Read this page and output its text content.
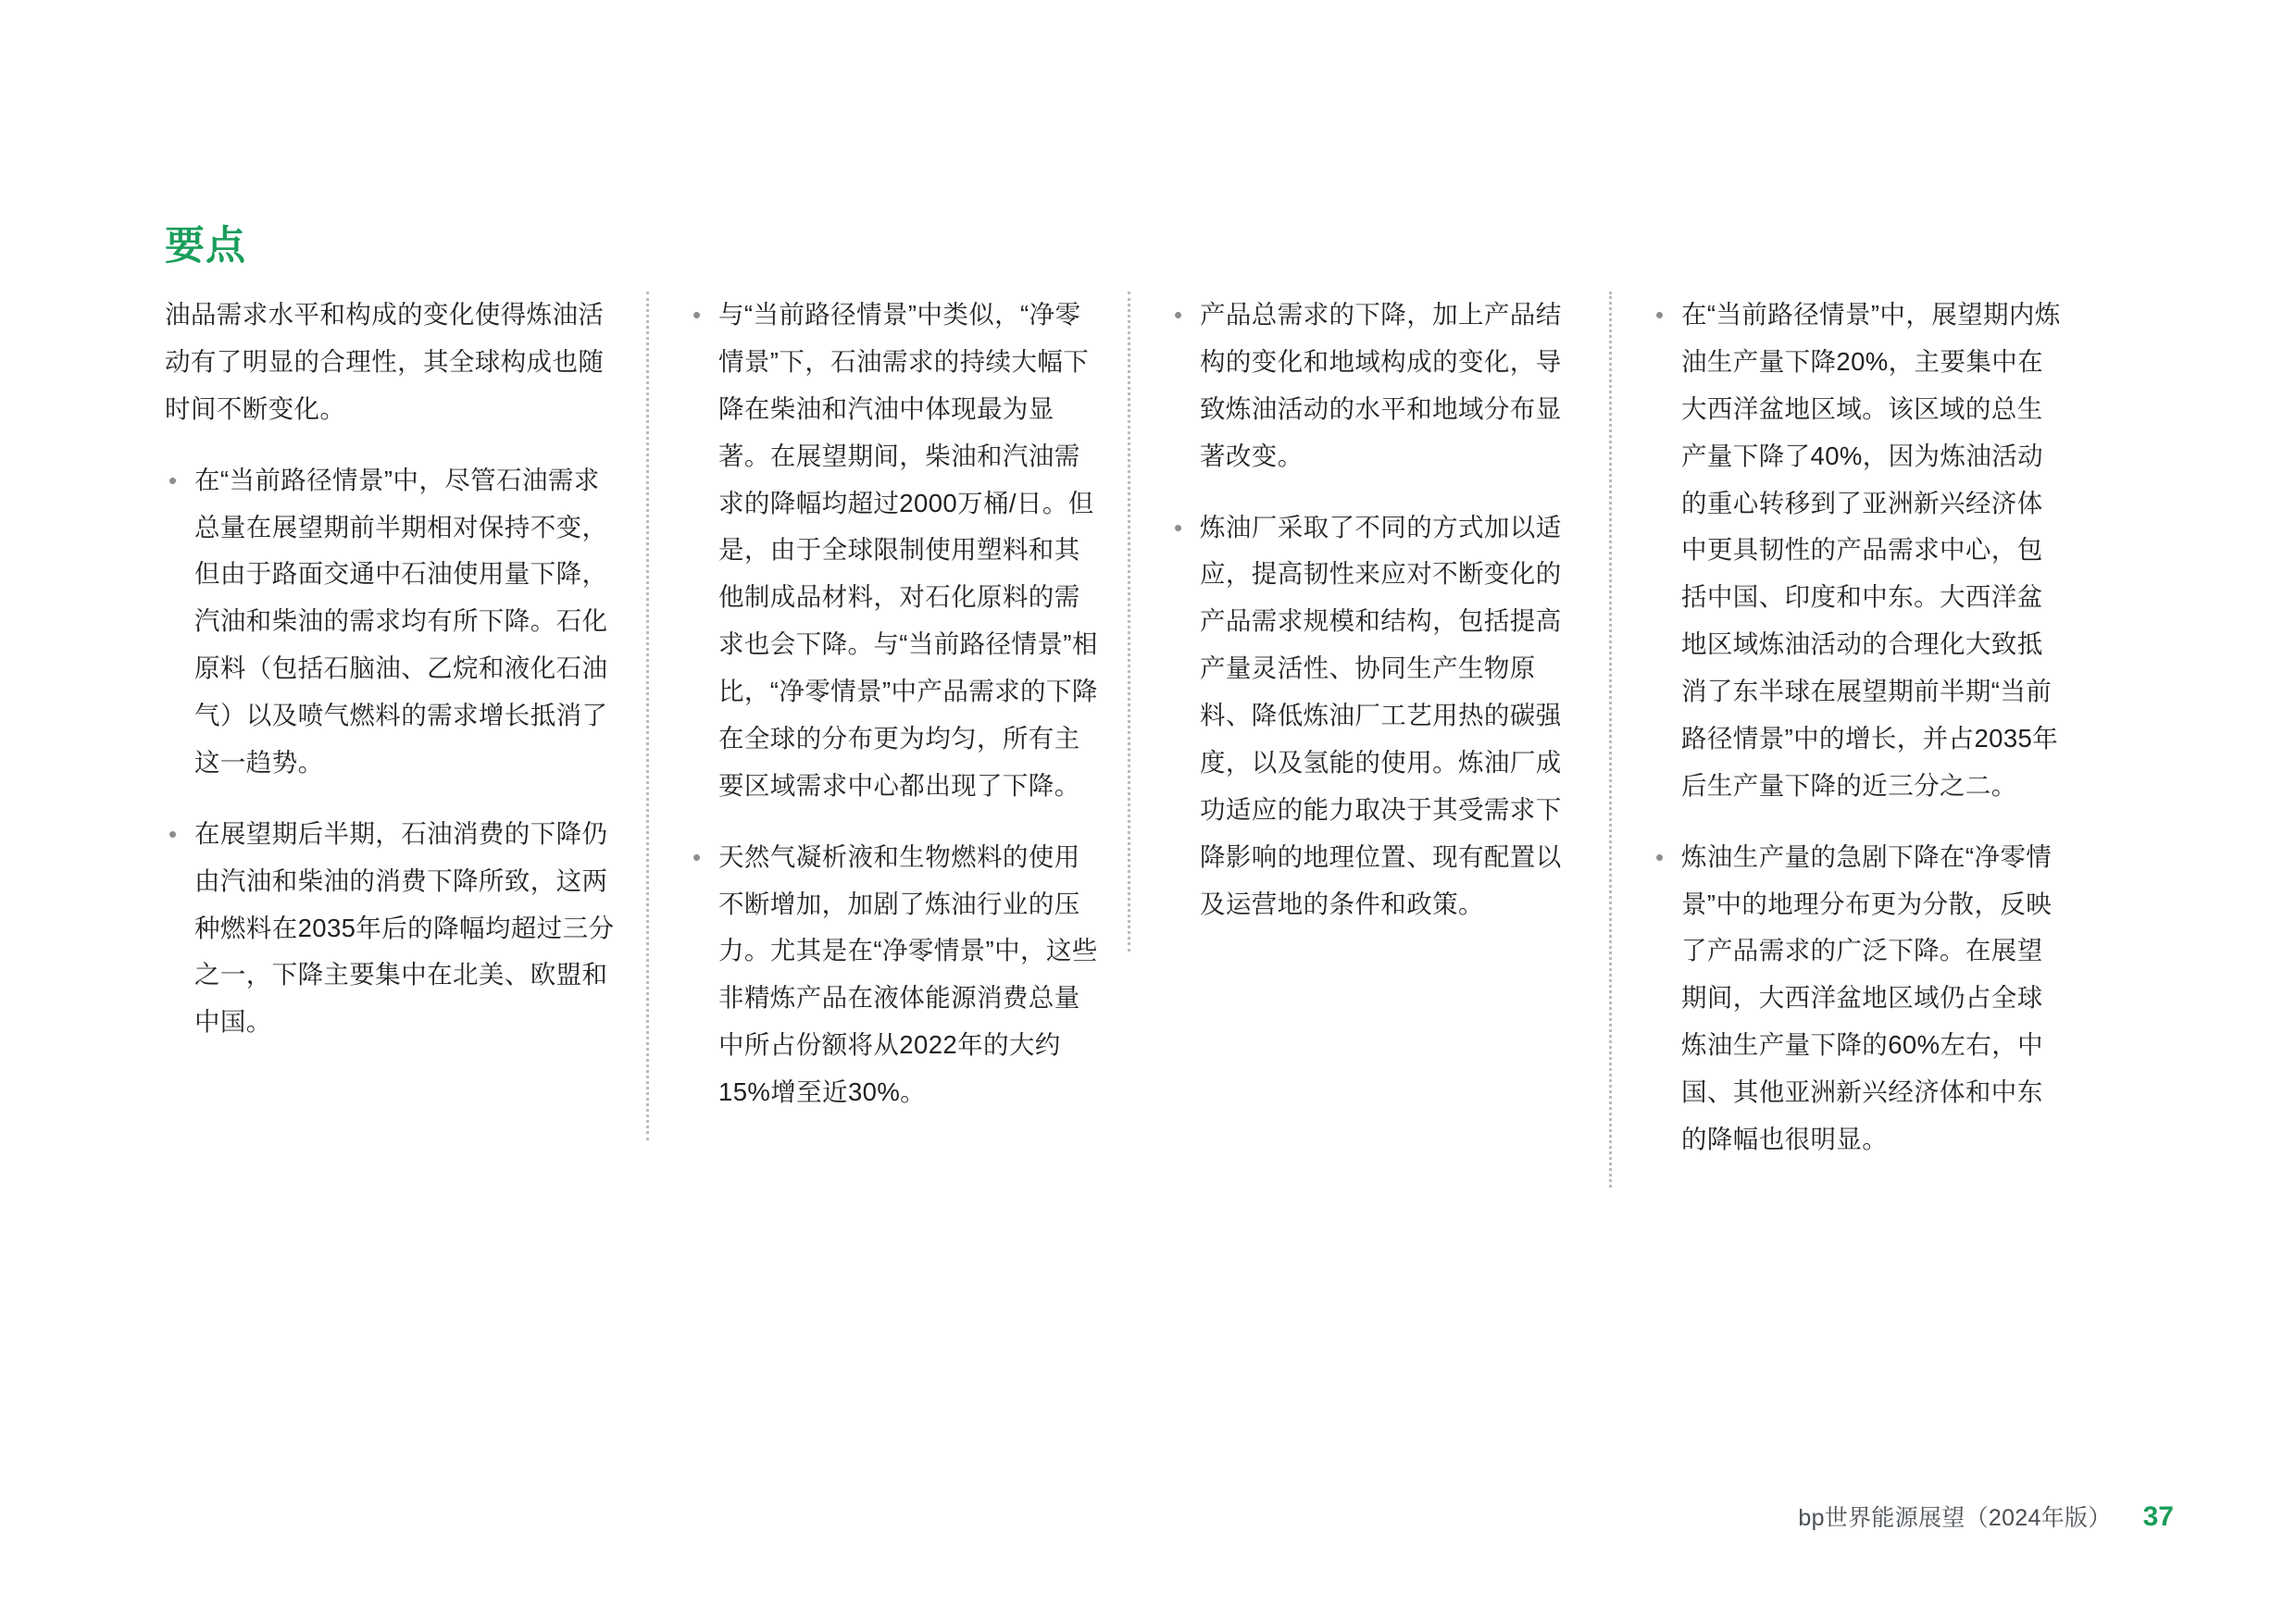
要点

油品需求水平和构成的变化使得炼油活动有了明显的合理性，其全球构成也随时间不断变化。

• 在“当前路径情景”中，尽管石油需求总量在展望期前半期相对保持不变，但由于路面交通中石油使用量下降，汽油和柴油的需求均有所下降。石化原料（包括石脑油、乙烷和液化石油气）以及喷气燃料的需求增长抵消了这一趋势。
• 在展望期后半期，石油消费的下降仍由汽油和柴油的消费下降所致，这两种燃料在2035年后的降幅均超过三分之一，下降主要集中在北美、欧盟和中国。
• 与“当前路径情景”中类似，“净零情景”下，石油需求的持续大幅下降在柴油和汽油中体现最为显著。在展望期间，柴油和汽油需求的降幅均超过2000万桶/日。但是，由于全球限制使用塑料和其他制成品材料，对石化原料的需求也会下降。与“当前路径情景”相比，“净零情景”中产品需求的下降在全球的分布更为均匀，所有主要区域需求中心都出现了下降。
• 天然气凝析液和生物燃料的使用不断增加，加剧了炼油行业的压力。尤其是在“净零情景”中，这些非精炼产品在液体能源消费总量中所占份额将从2022年的大约15%增至近30%。
• 产品总需求的下降，加上产品结构的变化和地域构成的变化，导致炼油活动的水平和地域分布显著改变。
• 炼油厂采取了不同的方式加以适应，提高韧性来应对不断变化的产品需求规模和结构，包括提高产量灵活性、协同生产生物原料、降低炼油厂工艺用热的碳强度，以及氢能的使用。炼油厂成功适应的能力取决于其受需求下降影响的地理位置、现有配置以及运营地的条件和政策。
• 在“当前路径情景”中，展望期内炼油生产量下降20%，主要集中在大西洋盆地区域。该区域的总生产量下降了40%，因为炼油活动的重心转移到了亚洲新兴经济体中更具韧性的产品需求中心，包括中国、印度和中东。大西洋盆地区域炼油活动的合理化大致抵消了东半球在展望期前半期“当前路径情景”中的增长，并占2035年后生产量下降的近三分之二。
• 炼油生产量的急剧下降在“净零情景”中的地理分布更为分散，反映了产品需求的广泛下降。在展望期间，大西洋盆地区域仍占全球炼油生产量下降的60%左右，中国、其他亚洲新兴经济体和中东的降幅也很明显。
bp世界能源展望（2024年版） 37
